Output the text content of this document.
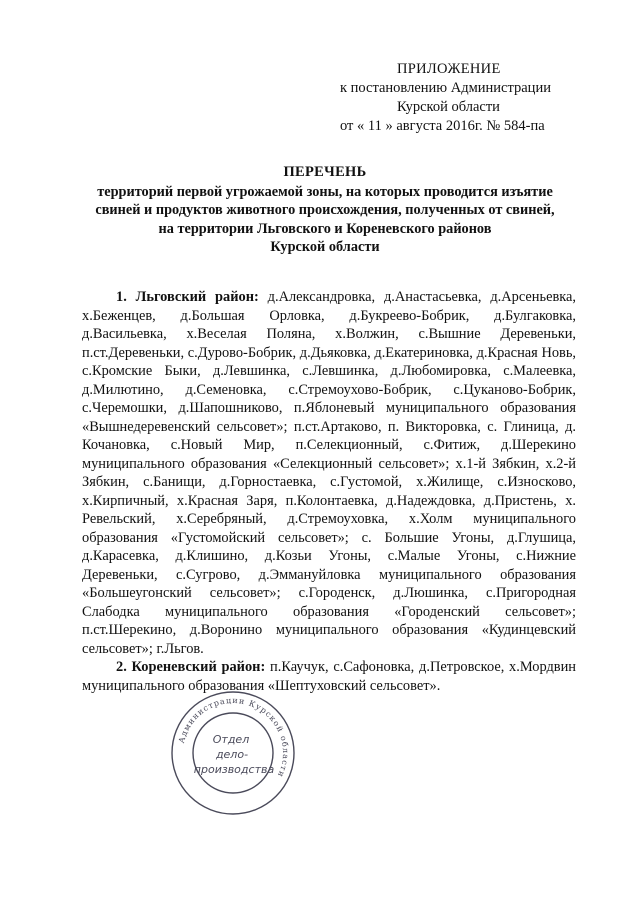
ПРИЛОЖЕНИЕ
к постановлению Администрации
Курской области
от « 11 » августа 2016г. № 584-па
ПЕРЕЧЕНЬ
территорий первой угрожаемой зоны, на которых проводится изъятие
свиней и продуктов животного происхождения, полученных от свиней,
на территории Льговского и Кореневского районов
Курской области

1. Льговский район: д.Александровка, д.Анастасьевка, д.Арсеньевка, х.Беженцев, д.Большая Орловка, д.Букреево-Бобрик, д.Булгаковка, д.Васильевка, х.Веселая Поляна, х.Волжин, с.Вышние Деревеньки, п.ст.Деревеньки, с.Дурово-Бобрик, д.Дьяковка, д.Екатериновка, д.Красная Новь, с.Кромские Быки, д.Левшинка, с.Левшинка, д.Любомировка, с.Малеевка, д.Милютино, д.Семеновка, с.Стремоухово-Бобрик, с.Цуканово-Бобрик, с.Черемошки, д.Шапошниково, п.Яблоневый муниципального образования «Вышнедеревенский сельсовет»; п.ст.Артаково, п. Викторовка, с. Глиница, д. Кочановка, с.Новый Мир, п.Селекционный, с.Фитиж, д.Шерекино муниципального образования «Селекционный сельсовет»; х.1-й Зябкин, х.2-й Зябкин, с.Банищи, д.Горностаевка, с.Густомой, х.Жилище, с.Износково, х.Кирпичный, х.Красная Заря, п.Колонтаевка, д.Надеждовка, д.Пристень, х. Ревельский, х.Серебряный, д.Стремоуховка, х.Холм муниципального образования «Густомойский сельсовет»; с. Большие Угоны, д.Глушица, д.Карасевка, д.Клишино, д.Козьи Угоны, с.Малые Угоны, с.Нижние Деревеньки, с.Сугрово, д.Эммануйловка муниципального образования «Большеугонский сельсовет»; с.Городенск, д.Люшинка, с.Пригородная Слабодка муниципального образования «Городенский сельсовет»; п.ст.Шерекино, д.Воронино муниципального образования «Кудинцевский сельсовет»; г.Льгов.

2. Кореневский район: п.Каучук, с.Сафоновка, д.Петровское, х.Мордвин муниципального образования «Шептуховский сельсовет».

Администрации Курской области
Отдел
дело-
производства
